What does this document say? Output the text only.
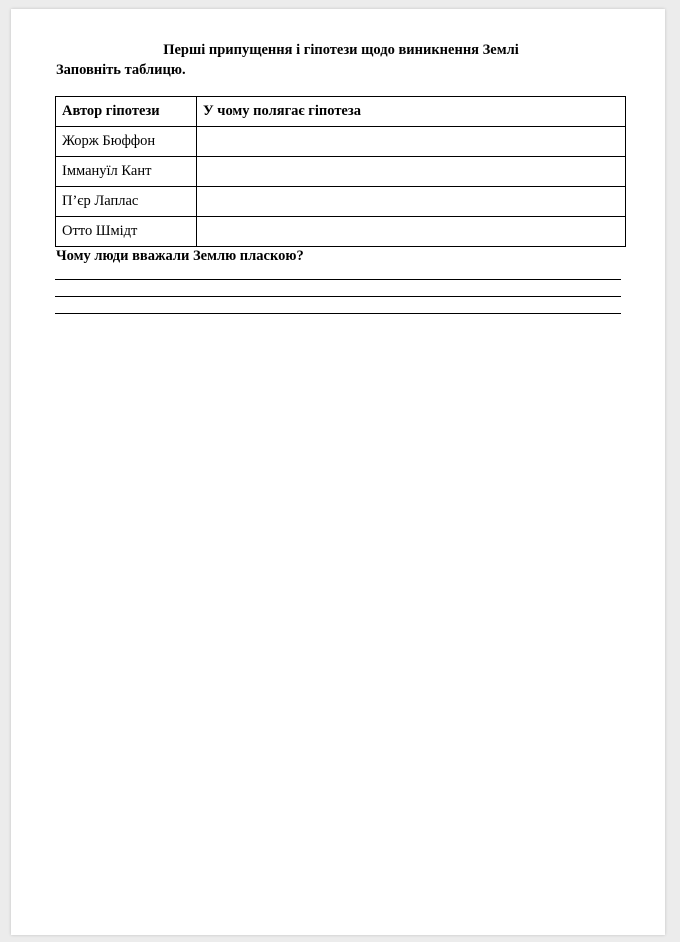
Перші припущення і гіпотези щодо виникнення Землі
Заповніть таблицю.
Автор гіпотези	У чому полягає гіпотеза
Жорж Бюффон	
Іммануїл Кант	
П’єр Лаплас	
Отто Шмідт	
Чому люди вважали Землю пласкою?
